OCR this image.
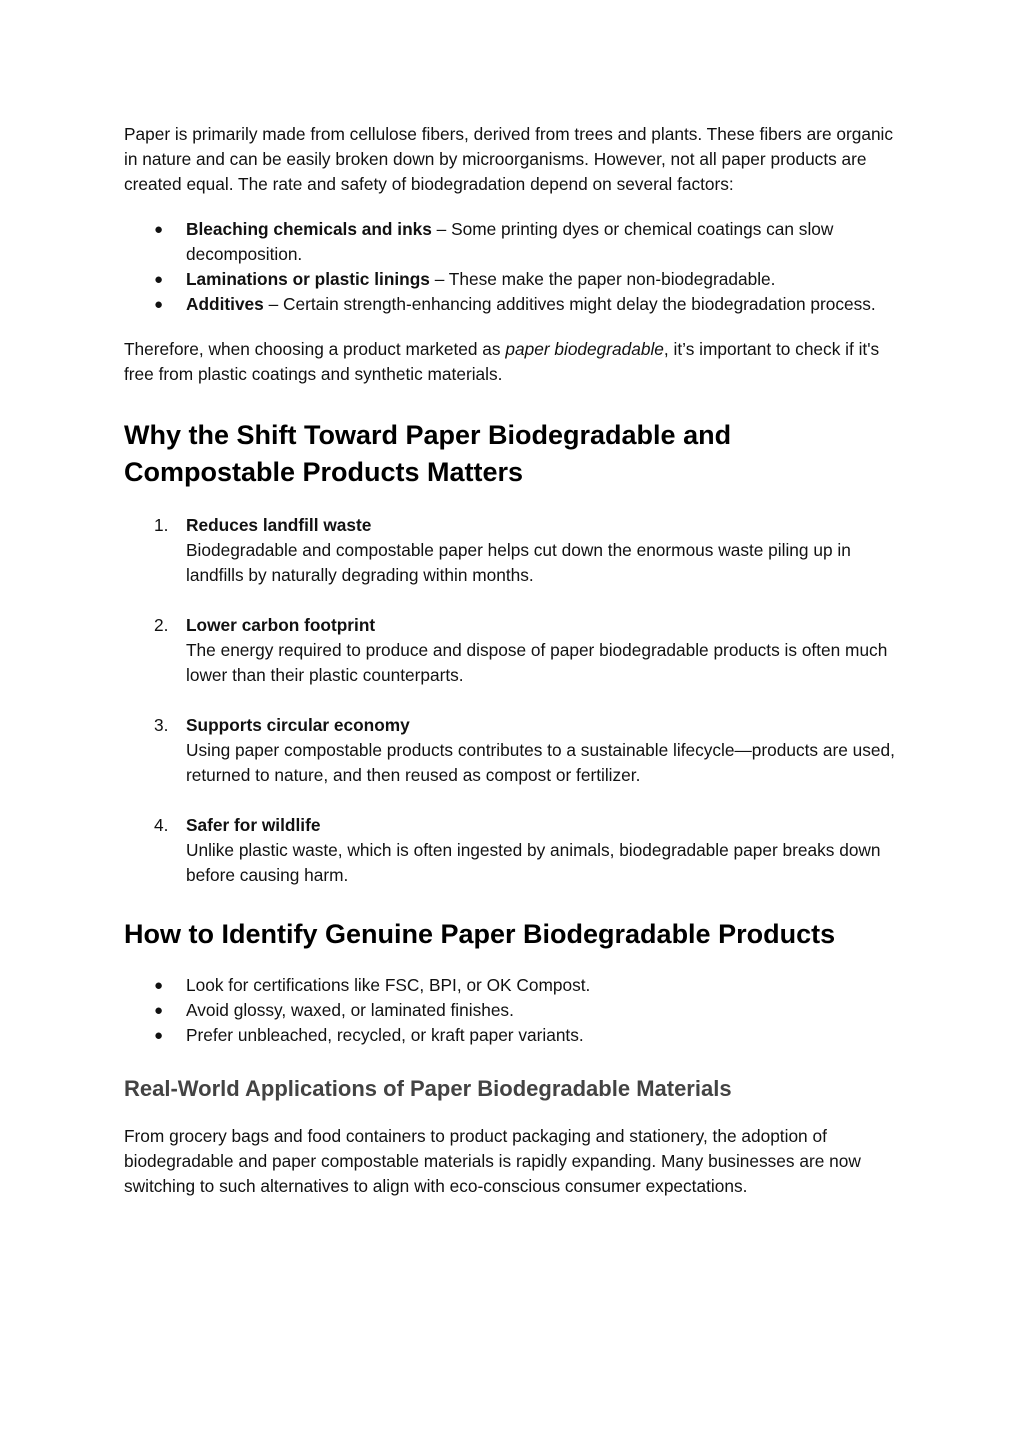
Paper is primarily made from cellulose fibers, derived from trees and plants. These fibers are organic in nature and can be easily broken down by microorganisms. However, not all paper products are created equal. The rate and safety of biodegradation depend on several factors:

● Bleaching chemicals and inks – Some printing dyes or chemical coatings can slow decomposition.
● Laminations or plastic linings – These make the paper non-biodegradable.
● Additives – Certain strength-enhancing additives might delay the biodegradation process.

Therefore, when choosing a product marketed as paper biodegradable, it’s important to check if it's free from plastic coatings and synthetic materials.

Why the Shift Toward Paper Biodegradable and Compostable Products Matters
1. Reduces landfill waste
Biodegradable and compostable paper helps cut down the enormous waste piling up in landfills by naturally degrading within months.
2. Lower carbon footprint
The energy required to produce and dispose of paper biodegradable products is often much lower than their plastic counterparts.
3. Supports circular economy
Using paper compostable products contributes to a sustainable lifecycle—products are used, returned to nature, and then reused as compost or fertilizer.
4. Safer for wildlife
Unlike plastic waste, which is often ingested by animals, biodegradable paper breaks down before causing harm.
How to Identify Genuine Paper Biodegradable Products
● Look for certifications like FSC, BPI, or OK Compost.
● Avoid glossy, waxed, or laminated finishes.
● Prefer unbleached, recycled, or kraft paper variants.
Real-World Applications of Paper Biodegradable Materials

From grocery bags and food containers to product packaging and stationery, the adoption of biodegradable and paper compostable materials is rapidly expanding. Many businesses are now switching to such alternatives to align with eco-conscious consumer expectations.
